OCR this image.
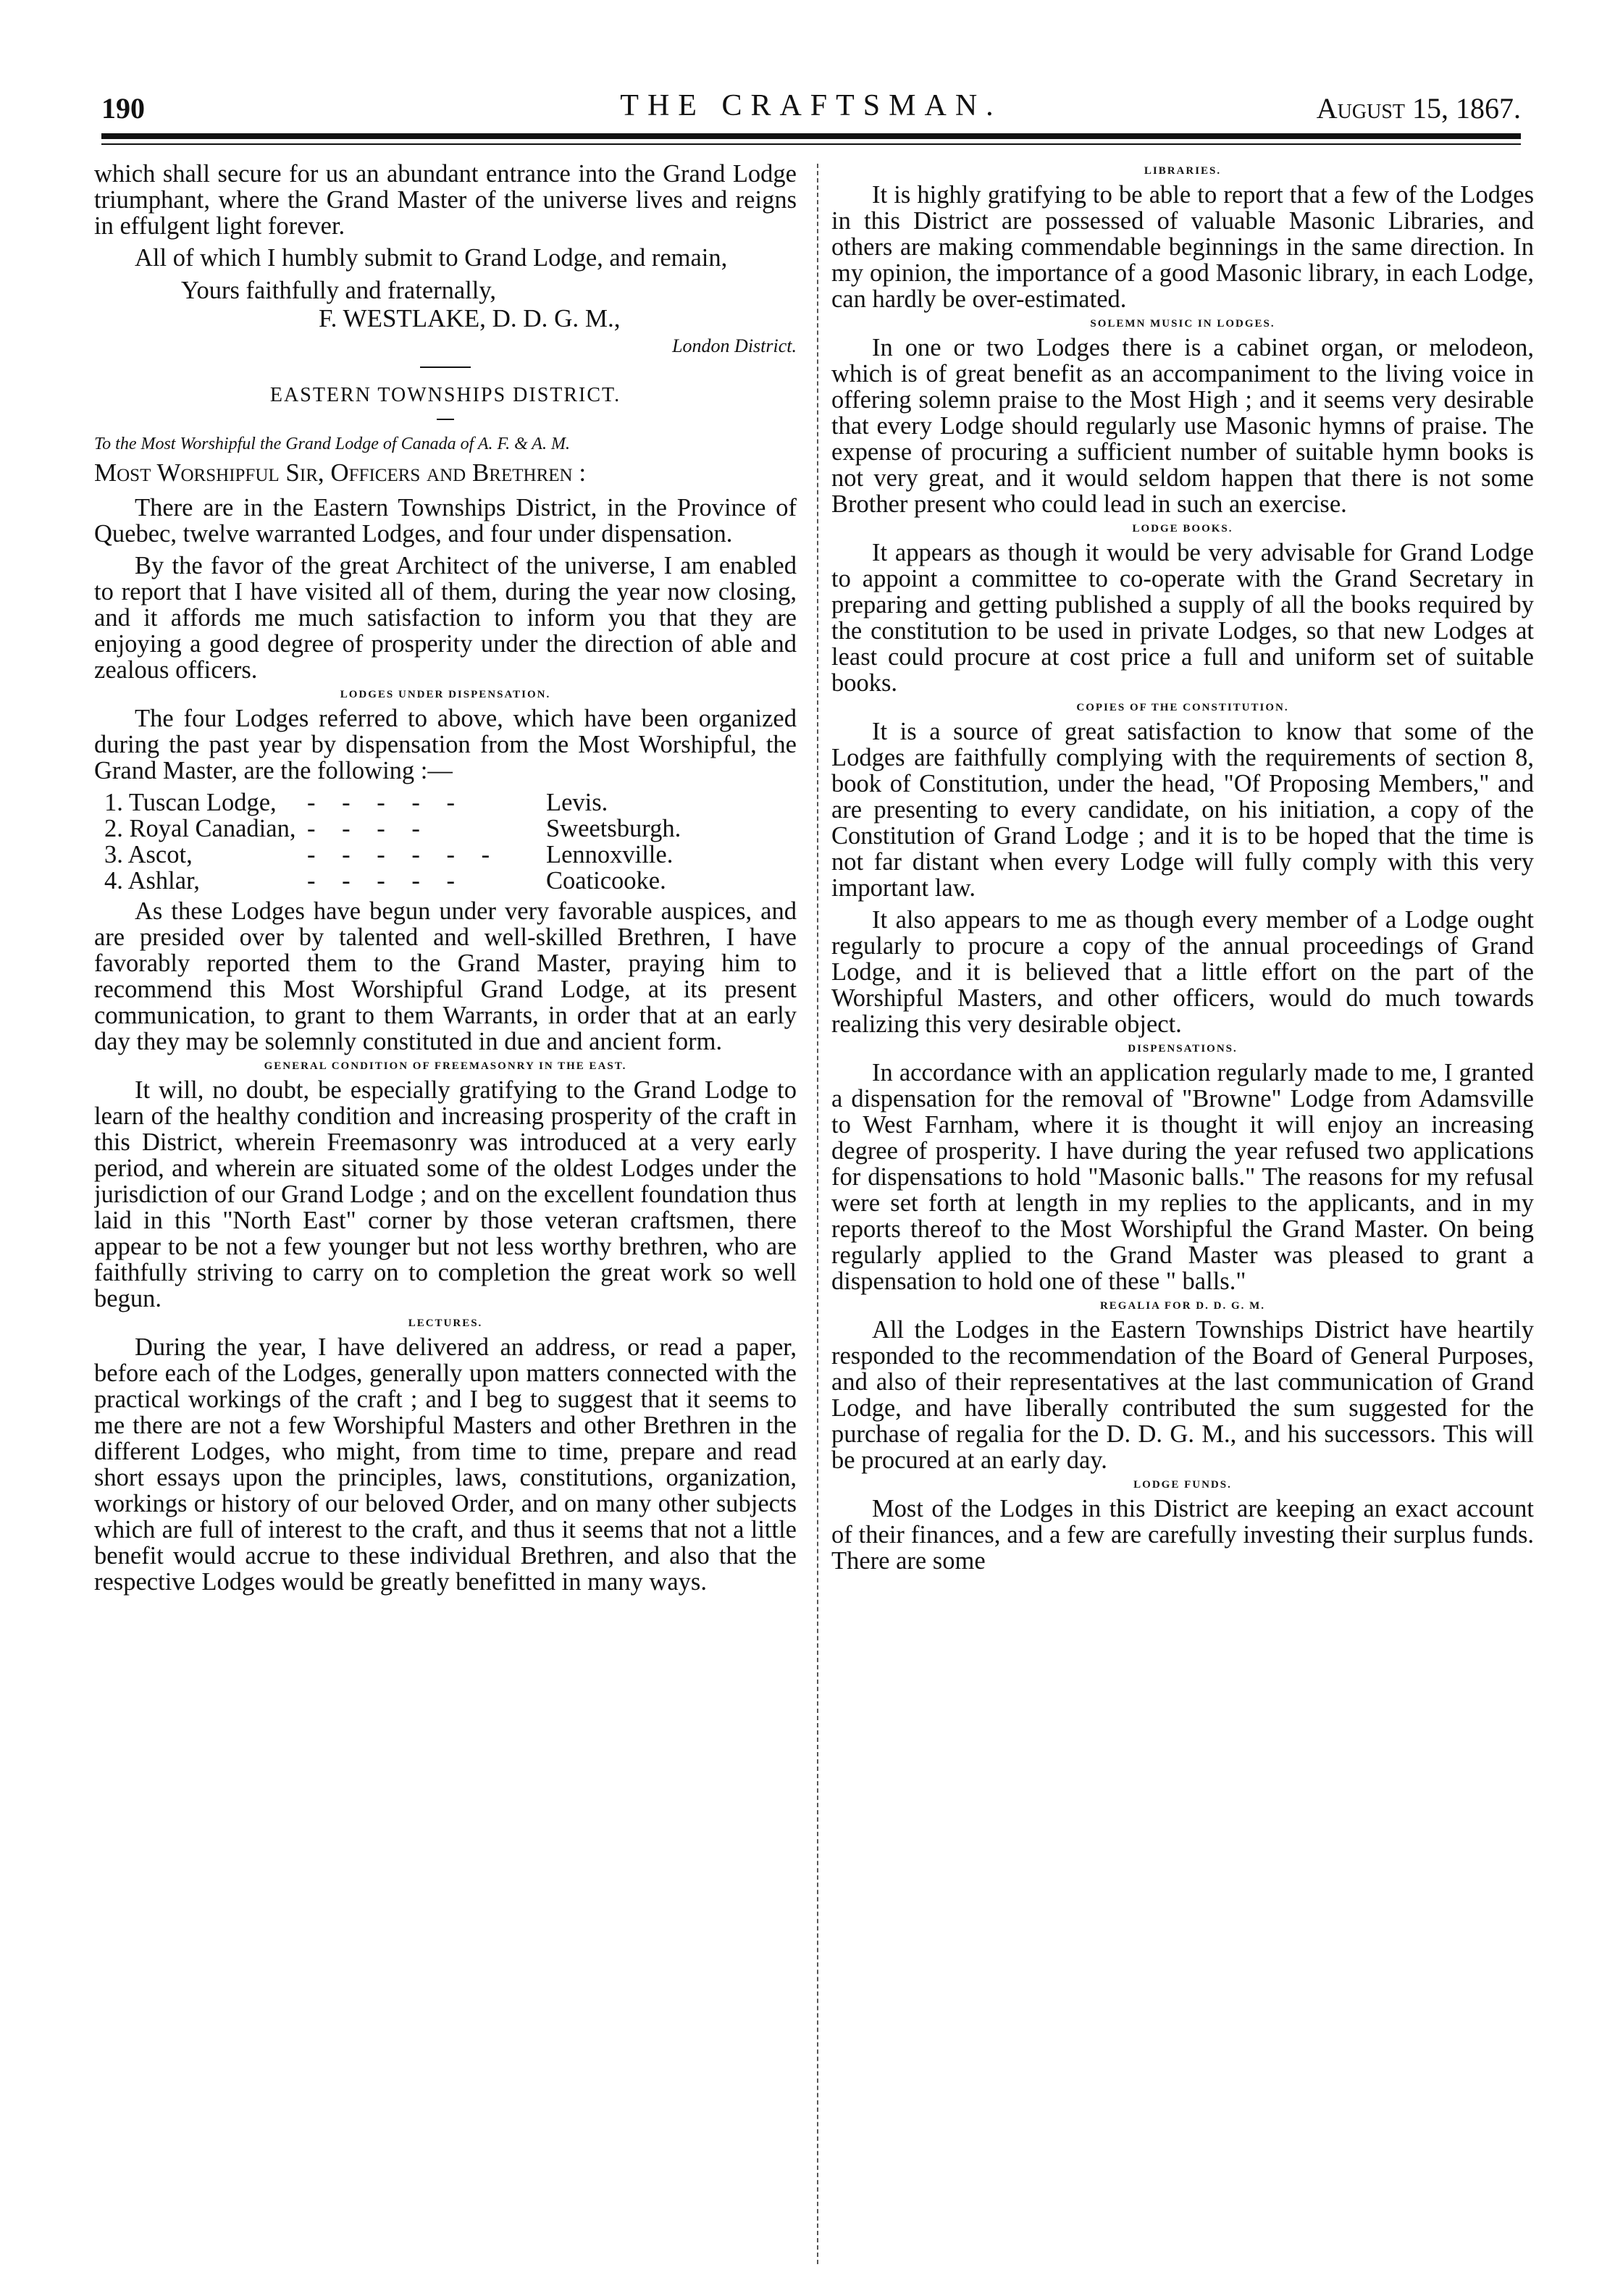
190	THE CRAFTSMAN.	August 15, 1867.

which shall secure for us an abundant entrance into the Grand Lodge triumphant, where the Grand Master of the universe lives and reigns in effulgent light forever.

All of which I humbly submit to Grand Lodge, and remain,

Yours faithfully and fraternally,

F. WESTLAKE, D. D. G. M.,

London District.

EASTERN TOWNSHIPS DISTRICT.
To the Most Worshipful the Grand Lodge of Canada of A. F. & A. M.
Most Worshipful Sir, Officers and Brethren :

There are in the Eastern Townships District, in the Province of Quebec, twelve warranted Lodges, and four under dispensation.

By the favor of the great Architect of the universe, I am enabled to report that I have visited all of them, during the year now closing, and it affords me much satisfaction to inform you that they are enjoying a good degree of prosperity under the direction of able and zealous officers.

LODGES UNDER DISPENSATION.

The four Lodges referred to above, which have been organized during the past year by dispensation from the Most Worshipful, the Grand Master, are the following :—

1. Tuscan Lodge,	- - - - -	Levis.
2. Royal Canadian, - - - -	Sweetsburgh.
3. Ascot,	- - - - - -	Lennoxville.
4. Ashlar,	- - - - -	Coaticooke.

As these Lodges have begun under very favorable auspices, and are presided over by talented and well-skilled Brethren, I have favorably reported them to the Grand Master, praying him to recommend this Most Worshipful Grand Lodge, at its present communication, to grant to them Warrants, in order that at an early day they may be solemnly constituted in due and ancient form.

GENERAL CONDITION OF FREEMASONRY IN THE EAST.

It will, no doubt, be especially gratifying to the Grand Lodge to learn of the healthy condition and increasing prosperity of the craft in this District, wherein Freemasonry was introduced at a very early period, and wherein are situated some of the oldest Lodges under the jurisdiction of our Grand Lodge ; and on the excellent foundation thus laid in this "North East" corner by those veteran craftsmen, there appear to be not a few younger but not less worthy brethren, who are faithfully striving to carry on to completion the great work so well begun.

LECTURES.

During the year, I have delivered an address, or read a paper, before each of the Lodges, generally upon matters connected with the practical workings of the craft ; and I beg to suggest that it seems to me there are not a few Worshipful Masters and other Brethren in the different Lodges, who might, from time to time, prepare and read short essays upon the principles, laws, constitutions, organization, workings or history of our beloved Order, and on many other subjects which are full of interest to the craft, and thus it seems that not a little benefit would accrue to these individual Brethren, and also that the respective Lodges would be greatly benefitted in many ways.

LIBRARIES.

It is highly gratifying to be able to report that a few of the Lodges in this District are possessed of valuable Masonic Libraries, and others are making commendable beginnings in the same direction. In my opinion, the importance of a good Masonic library, in each Lodge, can hardly be over-estimated.

SOLEMN MUSIC IN LODGES.

In one or two Lodges there is a cabinet organ, or melodeon, which is of great benefit as an accompaniment to the living voice in offering solemn praise to the Most High ; and it seems very desirable that every Lodge should regularly use Masonic hymns of praise. The expense of procuring a sufficient number of suitable hymn books is not very great, and it would seldom happen that there is not some Brother present who could lead in such an exercise.

LODGE BOOKS.

It appears as though it would be very advisable for Grand Lodge to appoint a committee to co-operate with the Grand Secretary in preparing and getting published a supply of all the books required by the constitution to be used in private Lodges, so that new Lodges at least could procure at cost price a full and uniform set of suitable books.

COPIES OF THE CONSTITUTION.

It is a source of great satisfaction to know that some of the Lodges are faithfully complying with the requirements of section 8, book of Constitution, under the head, "Of Proposing Members," and are presenting to every candidate, on his initiation, a copy of the Constitution of Grand Lodge ; and it is to be hoped that the time is not far distant when every Lodge will fully comply with this very important law.

It also appears to me as though every member of a Lodge ought regularly to procure a copy of the annual proceedings of Grand Lodge, and it is believed that a little effort on the part of the Worshipful Masters, and other officers, would do much towards realizing this very desirable object.

DISPENSATIONS.

In accordance with an application regularly made to me, I granted a dispensation for the removal of "Browne" Lodge from Adamsville to West Farnham, where it is thought it will enjoy an increasing degree of prosperity. I have during the year refused two applications for dispensations to hold "Masonic balls." The reasons for my refusal were set forth at length in my replies to the applicants, and in my reports thereof to the Most Worshipful the Grand Master. On being regularly applied to the Grand Master was pleased to grant a dispensation to hold one of these " balls."

REGALIA FOR D. D. G. M.

All the Lodges in the Eastern Townships District have heartily responded to the recommendation of the Board of General Purposes, and also of their representatives at the last communication of Grand Lodge, and have liberally contributed the sum suggested for the purchase of regalia for the D. D. G. M., and his successors. This will be procured at an early day.

LODGE FUNDS.

Most of the Lodges in this District are keeping an exact account of their finances, and a few are carefully investing their surplus funds. There are some
